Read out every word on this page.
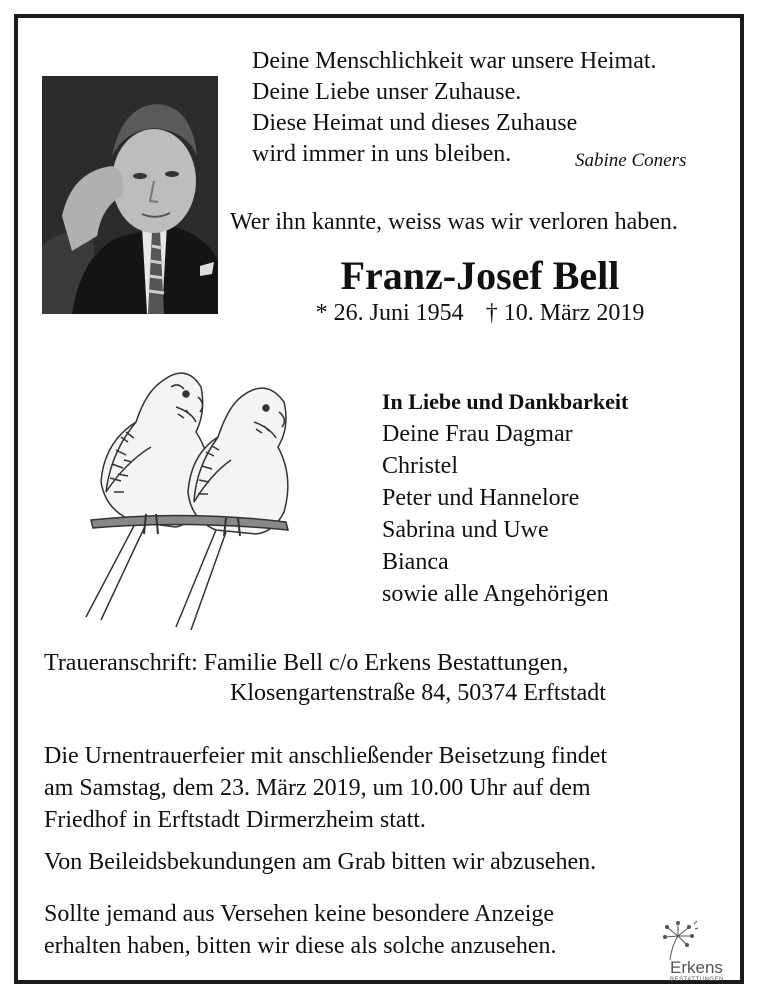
Deine Menschlichkeit war unsere Heimat.
Deine Liebe unser Zuhause.
Diese Heimat und dieses Zuhause
wird immer in uns bleiben.	Sabine Coners
Wer ihn kannte, weiss was wir verloren haben.
Franz-Josef Bell
* 26. Juni 1954 † 10. März 2019
In Liebe und Dankbarkeit
Deine Frau Dagmar
Christel
Peter und Hannelore
Sabrina und Uwe
Bianca
sowie alle Angehörigen
Traueranschrift: Familie Bell c/o Erkens Bestattungen,
Klosengartenstraße 84, 50374 Erftstadt
Die Urnentrauerfeier mit anschließender Beisetzung findet
am Samstag, dem 23. März 2019, um 10.00 Uhr auf dem
Friedhof in Erftstadt Dirmerzheim statt.
Von Beileidsbekundungen am Grab bitten wir abzusehen.
Sollte jemand aus Versehen keine besondere Anzeige
erhalten haben, bitten wir diese als solche anzusehen.
Erkens
BESTATTUNGEN
